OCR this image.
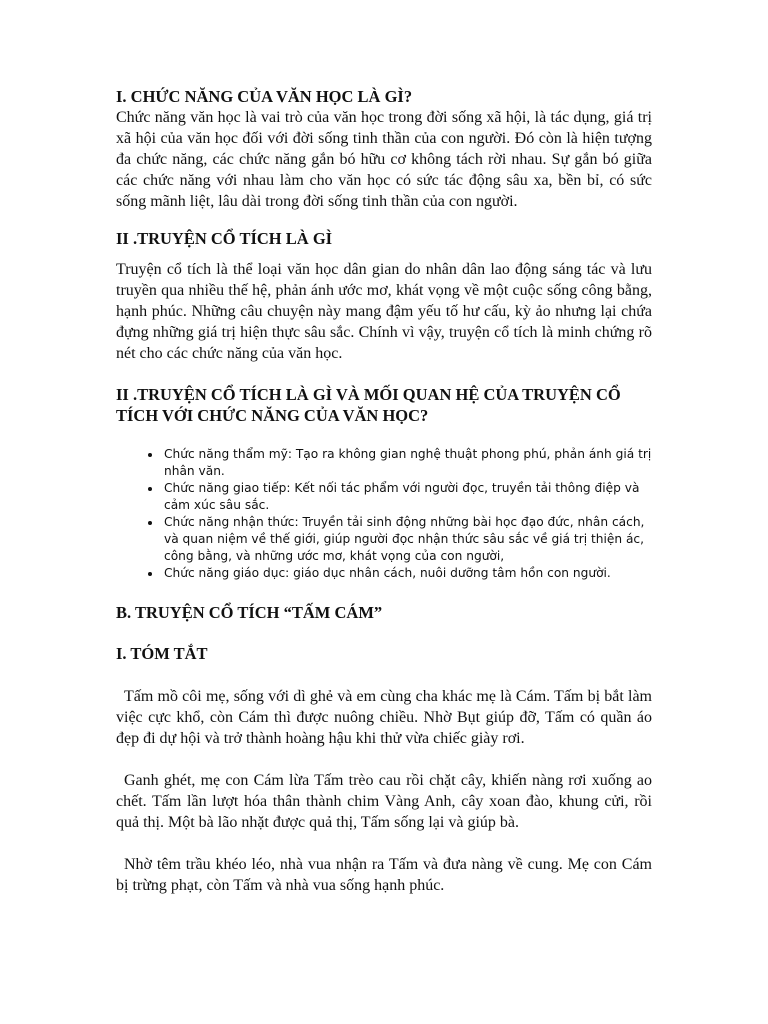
I. CHỨC NĂNG CỦA VĂN HỌC LÀ GÌ?

Chức năng văn học là vai trò của văn học trong đời sống xã hội, là tác dụng, giá trị xã hội của văn học đối với đời sống tinh thần của con người. Đó còn là hiện tượng đa chức năng, các chức năng gắn bó hữu cơ không tách rời nhau. Sự gắn bó giữa các chức năng với nhau làm cho văn học có sức tác động sâu xa, bền bỉ, có sức sống mãnh liệt, lâu dài trong đời sống tinh thần của con người.

II .TRUYỆN CỔ TÍCH LÀ GÌ

Truyện cổ tích là thể loại văn học dân gian do nhân dân lao động sáng tác và lưu truyền qua nhiều thế hệ, phản ánh ước mơ, khát vọng về một cuộc sống công bằng, hạnh phúc. Những câu chuyện này mang đậm yếu tố hư cấu, kỳ ảo nhưng lại chứa đựng những giá trị hiện thực sâu sắc. Chính vì vậy, truyện cổ tích là minh chứng rõ nét cho các chức năng của văn học.

II .TRUYỆN CỔ TÍCH LÀ GÌ VÀ MỐI QUAN HỆ CỦA TRUYỆN CỔ TÍCH VỚI CHỨC NĂNG CỦA VĂN HỌC?
• Chức năng thẩm mỹ: Tạo ra không gian nghệ thuật phong phú, phản ánh giá trị nhân văn.
• Chức năng giao tiếp: Kết nối tác phẩm với người đọc, truyền tải thông điệp và cảm xúc sâu sắc.
• Chức năng nhận thức: Truyền tải sinh động những bài học đạo đức, nhân cách, và quan niệm về thế giới, giúp người đọc nhận thức sâu sắc về giá trị thiện ác, công bằng, và những ước mơ, khát vọng của con người,
• Chức năng giáo dục: giáo dục nhân cách, nuôi dưỡng tâm hồn con người.
B. TRUYỆN CỔ TÍCH “TẤM CÁM”
I. TÓM TẮT

Tấm mồ côi mẹ, sống với dì ghẻ và em cùng cha khác mẹ là Cám. Tấm bị bắt làm việc cực khổ, còn Cám thì được nuông chiều. Nhờ Bụt giúp đỡ, Tấm có quần áo đẹp đi dự hội và trở thành hoàng hậu khi thử vừa chiếc giày rơi.

Ganh ghét, mẹ con Cám lừa Tấm trèo cau rồi chặt cây, khiến nàng rơi xuống ao chết. Tấm lần lượt hóa thân thành chim Vàng Anh, cây xoan đào, khung cửi, rồi quả thị. Một bà lão nhặt được quả thị, Tấm sống lại và giúp bà.

Nhờ têm trầu khéo léo, nhà vua nhận ra Tấm và đưa nàng về cung. Mẹ con Cám bị trừng phạt, còn Tấm và nhà vua sống hạnh phúc.
